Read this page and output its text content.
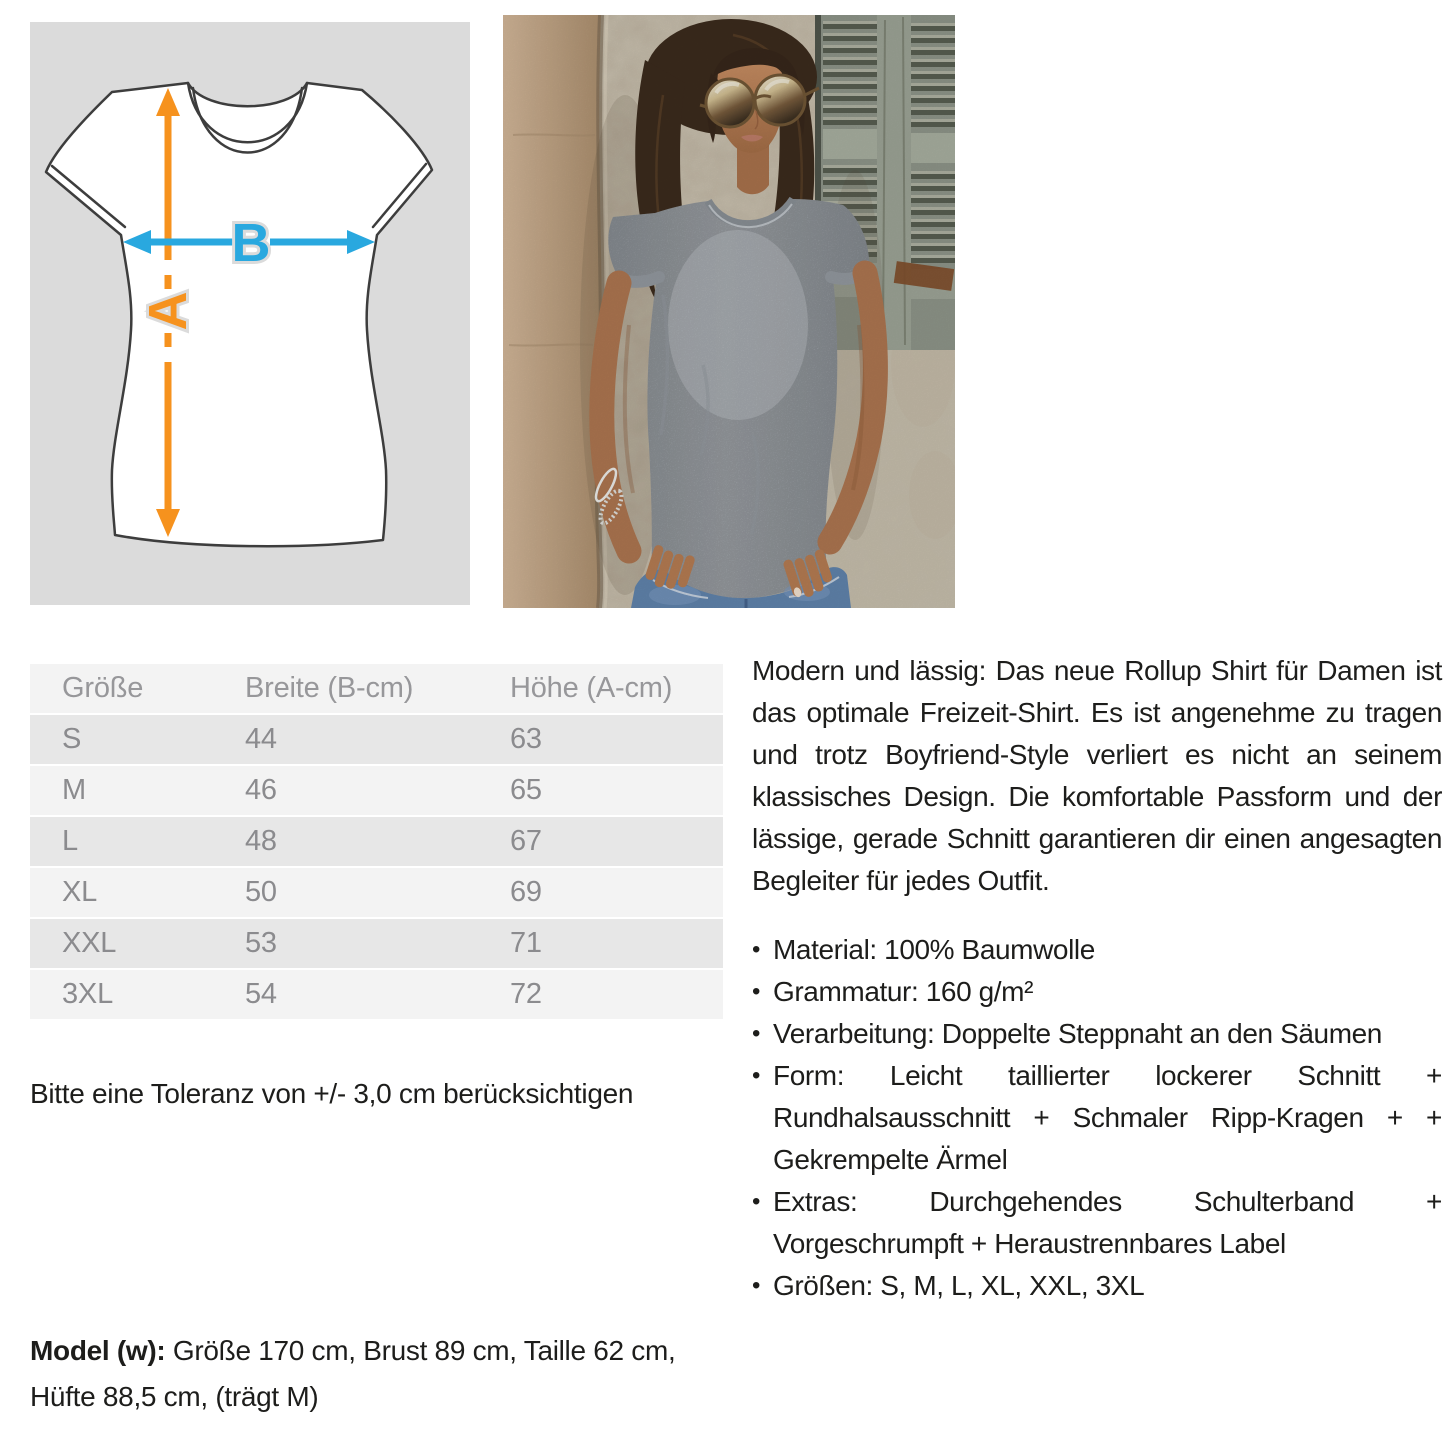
A
B
Größe	Breite (B-cm)	Höhe (A-cm)
S	44	63
M	46	65
L	48	67
XL	50	69
XXL	53	71
3XL	54	72
Bitte eine Toleranz von +/- 3,0 cm berücksichtigen

Modern und lässig: Das neue Rollup Shirt für Damen ist das optimale Freizeit-Shirt. Es ist angenehme zu tragen und trotz Boyfriend-Style verliert es nicht an seinem klassisches Design. Die komfortable Passform und der lässige, gerade Schnitt garantieren dir einen angesagten Begleiter für jedes Outfit.

• Material: 100% Baumwolle
• Grammatur: 160 g/m²
• Verarbeitung: Doppelte Steppnaht an den Säumen
• Form: Leicht taillierter lockerer Schnitt + Rundhalsausschnitt + Schmaler Ripp-Kragen + + Gekrempelte Ärmel
• Extras: Durchgehendes Schulterband + Vorgeschrumpft + Heraustrennbares Label
• Größen: S, M, L, XL, XXL, 3XL

Model (w): Größe 170 cm, Brust 89 cm, Taille 62 cm, Hüfte 88,5 cm, (trägt M)
